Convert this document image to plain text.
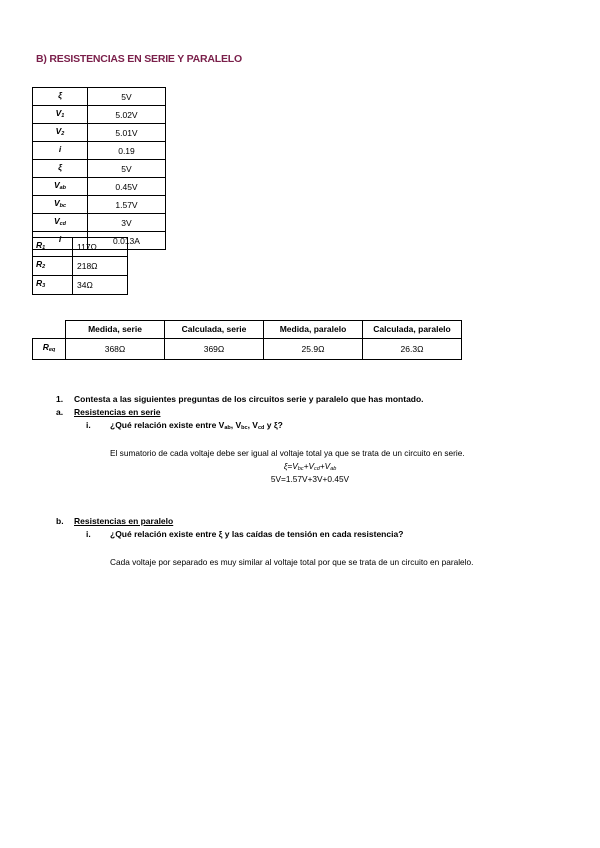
B) RESISTENCIAS EN SERIE Y PARALELO
ξ	5V
$V_1$	5.02V
$V_2$	5.01V
i	0.19
ξ	5V
$V_{ab}$	0.45V
$V_{bc}$	1.57V
$V_{cd}$	3V
i	0.013A
$R_1$	117Ω
$R_2$	218Ω
$R_3$	34Ω
	Medida, serie	Calculada, serie	Medida, paralelo	Calculada, paralelo
$R_{eq}$	368Ω	369Ω	25.9Ω	26.3Ω
1. Contesta a las siguientes preguntas de los circuitos serie y paralelo que has montado.
a. Resistencias en serie
i. ¿Qué relación existe entre $V_{ab}$, $V_{bc}$, $V_{cd}$ y ξ?
El sumatorio de cada voltaje debe ser igual al voltaje total ya que se trata de un circuito en serie.
$\xi=V_{bc}+V_{cd}+V_{ab}$
5V=1.57V+3V+0.45V
b. Resistencias en paralelo
i. ¿Qué relación existe entre ξ y las caídas de tensión en cada resistencia?
Cada voltaje por separado es muy similar al voltaje total por que se trata de un circuito en paralelo.
